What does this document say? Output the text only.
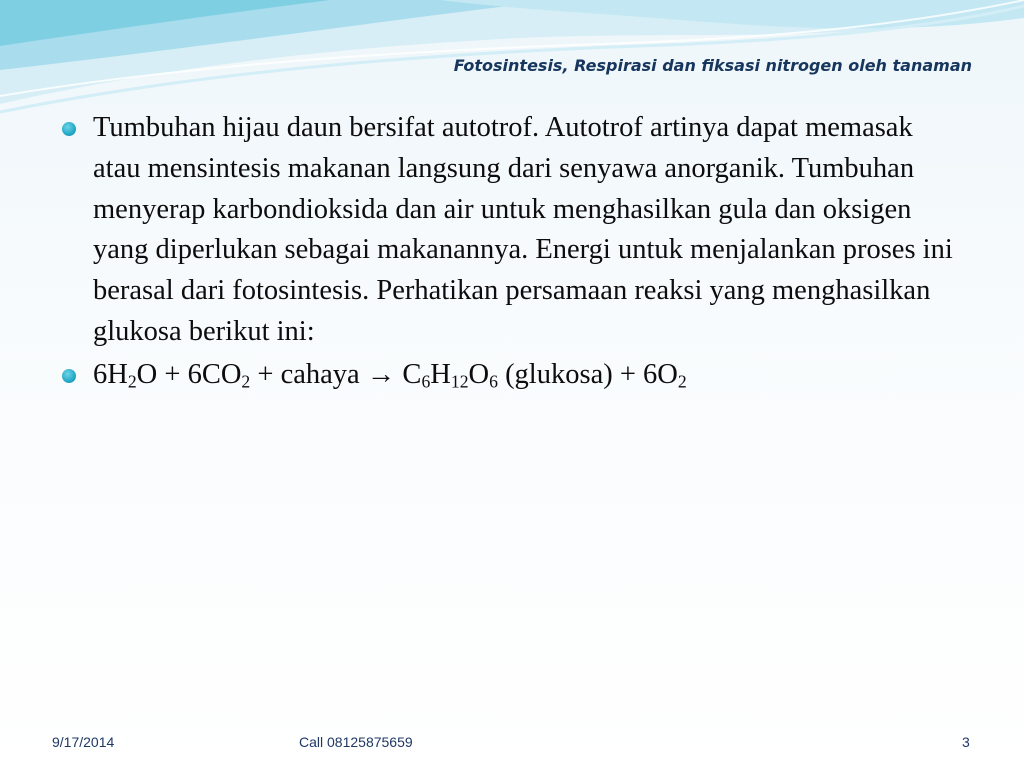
Fotosintesis, Respirasi dan fiksasi nitrogen oleh tanaman
Tumbuhan hijau daun bersifat autotrof. Autotrof artinya dapat memasak atau mensintesis makanan langsung dari senyawa anorganik. Tumbuhan menyerap karbondioksida dan air untuk menghasilkan gula dan oksigen yang diperlukan sebagai makanannya. Energi untuk menjalankan proses ini berasal dari fotosintesis. Perhatikan persamaan reaksi yang menghasilkan glukosa berikut ini:
$6H_2O + 6CO_2$ + cahaya → $C_6H_{12}O_6$ (glukosa) + $6O_2$
9/17/2014	Call 08125875659	3
